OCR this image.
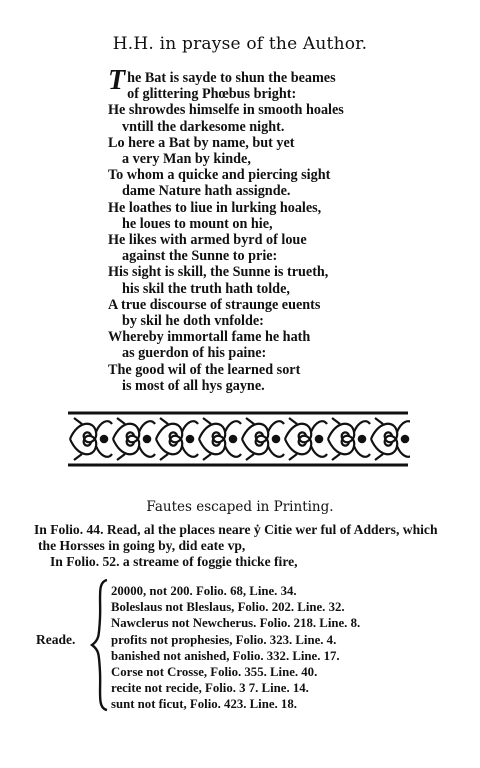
H.H. in prayse of the Author.
The Bat is sayde to shun the beames
of glittering Phœbus bright:
He shrowdes himselfe in smooth hoales
vntill the darkesome night.
Lo here a Bat by name, but yet
a very Man by kinde,
To whom a quicke and piercing sight
dame Nature hath assignde.
He loathes to liue in lurking hoales,
he loues to mount on hie,
He likes with armed byrd of loue
against the Sunne to prie:
His sight is skill, the Sunne is trueth,
his skil the truth hath tolde,
A true discourse of straunge euents
by skil he doth vnfolde:
Whereby immortall fame he hath
as guerdon of his paine:
The good wil of the learned sort
is most of all hys gayne.
Fautes escaped in Printing.
In Folio. 44. Read, al the places neare ẏ Citie wer ful of Adders, which
the Horsses in going by, did eate vp,
In Folio. 52. a streame of foggie thicke fire,
Reade.
20000, not 200. Folio. 68, Line. 34.
Boleslaus not Bleslaus, Folio. 202. Line. 32.
Nawclerus not Newcherus. Folio. 218. Line. 8.
profits not prophesies, Folio. 323. Line. 4.
banished not anished, Folio. 332. Line. 17.
Corse not Crosse, Folio. 355. Line. 40.
recite not recide, Folio. 3 7. Line. 14.
sunt not ficut, Folio. 423. Line. 18.
